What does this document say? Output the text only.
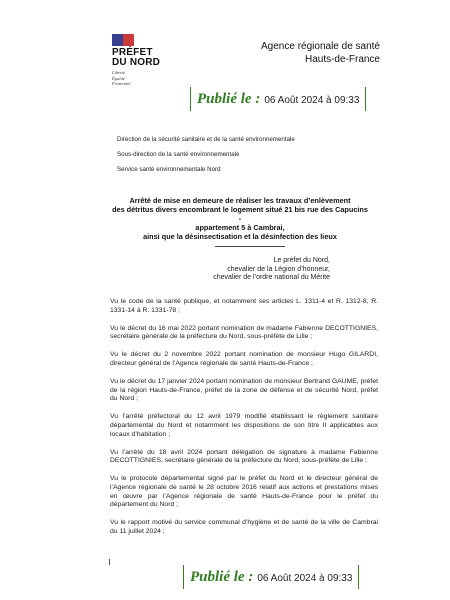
PRÉFET
DU NORD
Liberté
Égalité
Fraternité
Agence régionale de santé
Hauts-de-France
Publié le : 06 Août 2024 à 09:33

Direction de la sécurité sanitaire et de la santé environnementale

Sous-direction de la santé environnementale

Service santé environnementale Nord

Arrêté de mise en demeure de réaliser les travaux d’enlèvement
des détritus divers encombrant le logement situé 21 bis rue des Capucins -
appartement 5 à Cambrai,
ainsi que la désinsectisation et la désinfection des lieux
Le préfet du Nord,
chevalier de la Légion d’honneur,
chevalier de l’ordre national du Mérite

Vu le code de la santé publique, et notamment ses articles L. 1311-4 et R. 1312-8, R. 1331-14 à R. 1331-78 ;

Vu le décret du 16 mai 2022 portant nomination de madame Fabienne DECOTTIGNIES, secrétaire générale de la préfecture du Nord, sous-préfète de Lille ;

Vu le décret du 2 novembre 2022 portant nomination de monsieur Hugo GILARDI, directeur général de l’Agence régionale de santé Hauts-de-France ;

Vu le décret du 17 janvier 2024 portant nomination de monsieur Bertrand GAUME, préfet de la région Hauts-de-France, préfet de la zone de défense et de sécurité Nord, préfet du Nord ;

Vu l’arrêté préfectoral du 12 avril 1979 modifié établissant le règlement sanitaire départemental du Nord et notamment les dispositions de son titre II applicables aux locaux d’habitation ;

Vu l’arrêté du 18 avril 2024 portant délégation de signature à madame Fabienne DECOTTIGNIES, secrétaire générale de la préfecture du Nord, sous-préfète de Lille ;

Vu le protocole départemental signé par le préfet du Nord et le directeur général de l’Agence régionale de santé le 28 octobre 2016 relatif aux actions et prestations mises en œuvre par l’Agence régionale de santé Hauts-de-France pour le préfet du département du Nord ;

Vu le rapport motivé du service communal d’hygiène et de santé de la ville de Cambrai du 11 juillet 2024 ;

Publié le : 06 Août 2024 à 09:33
